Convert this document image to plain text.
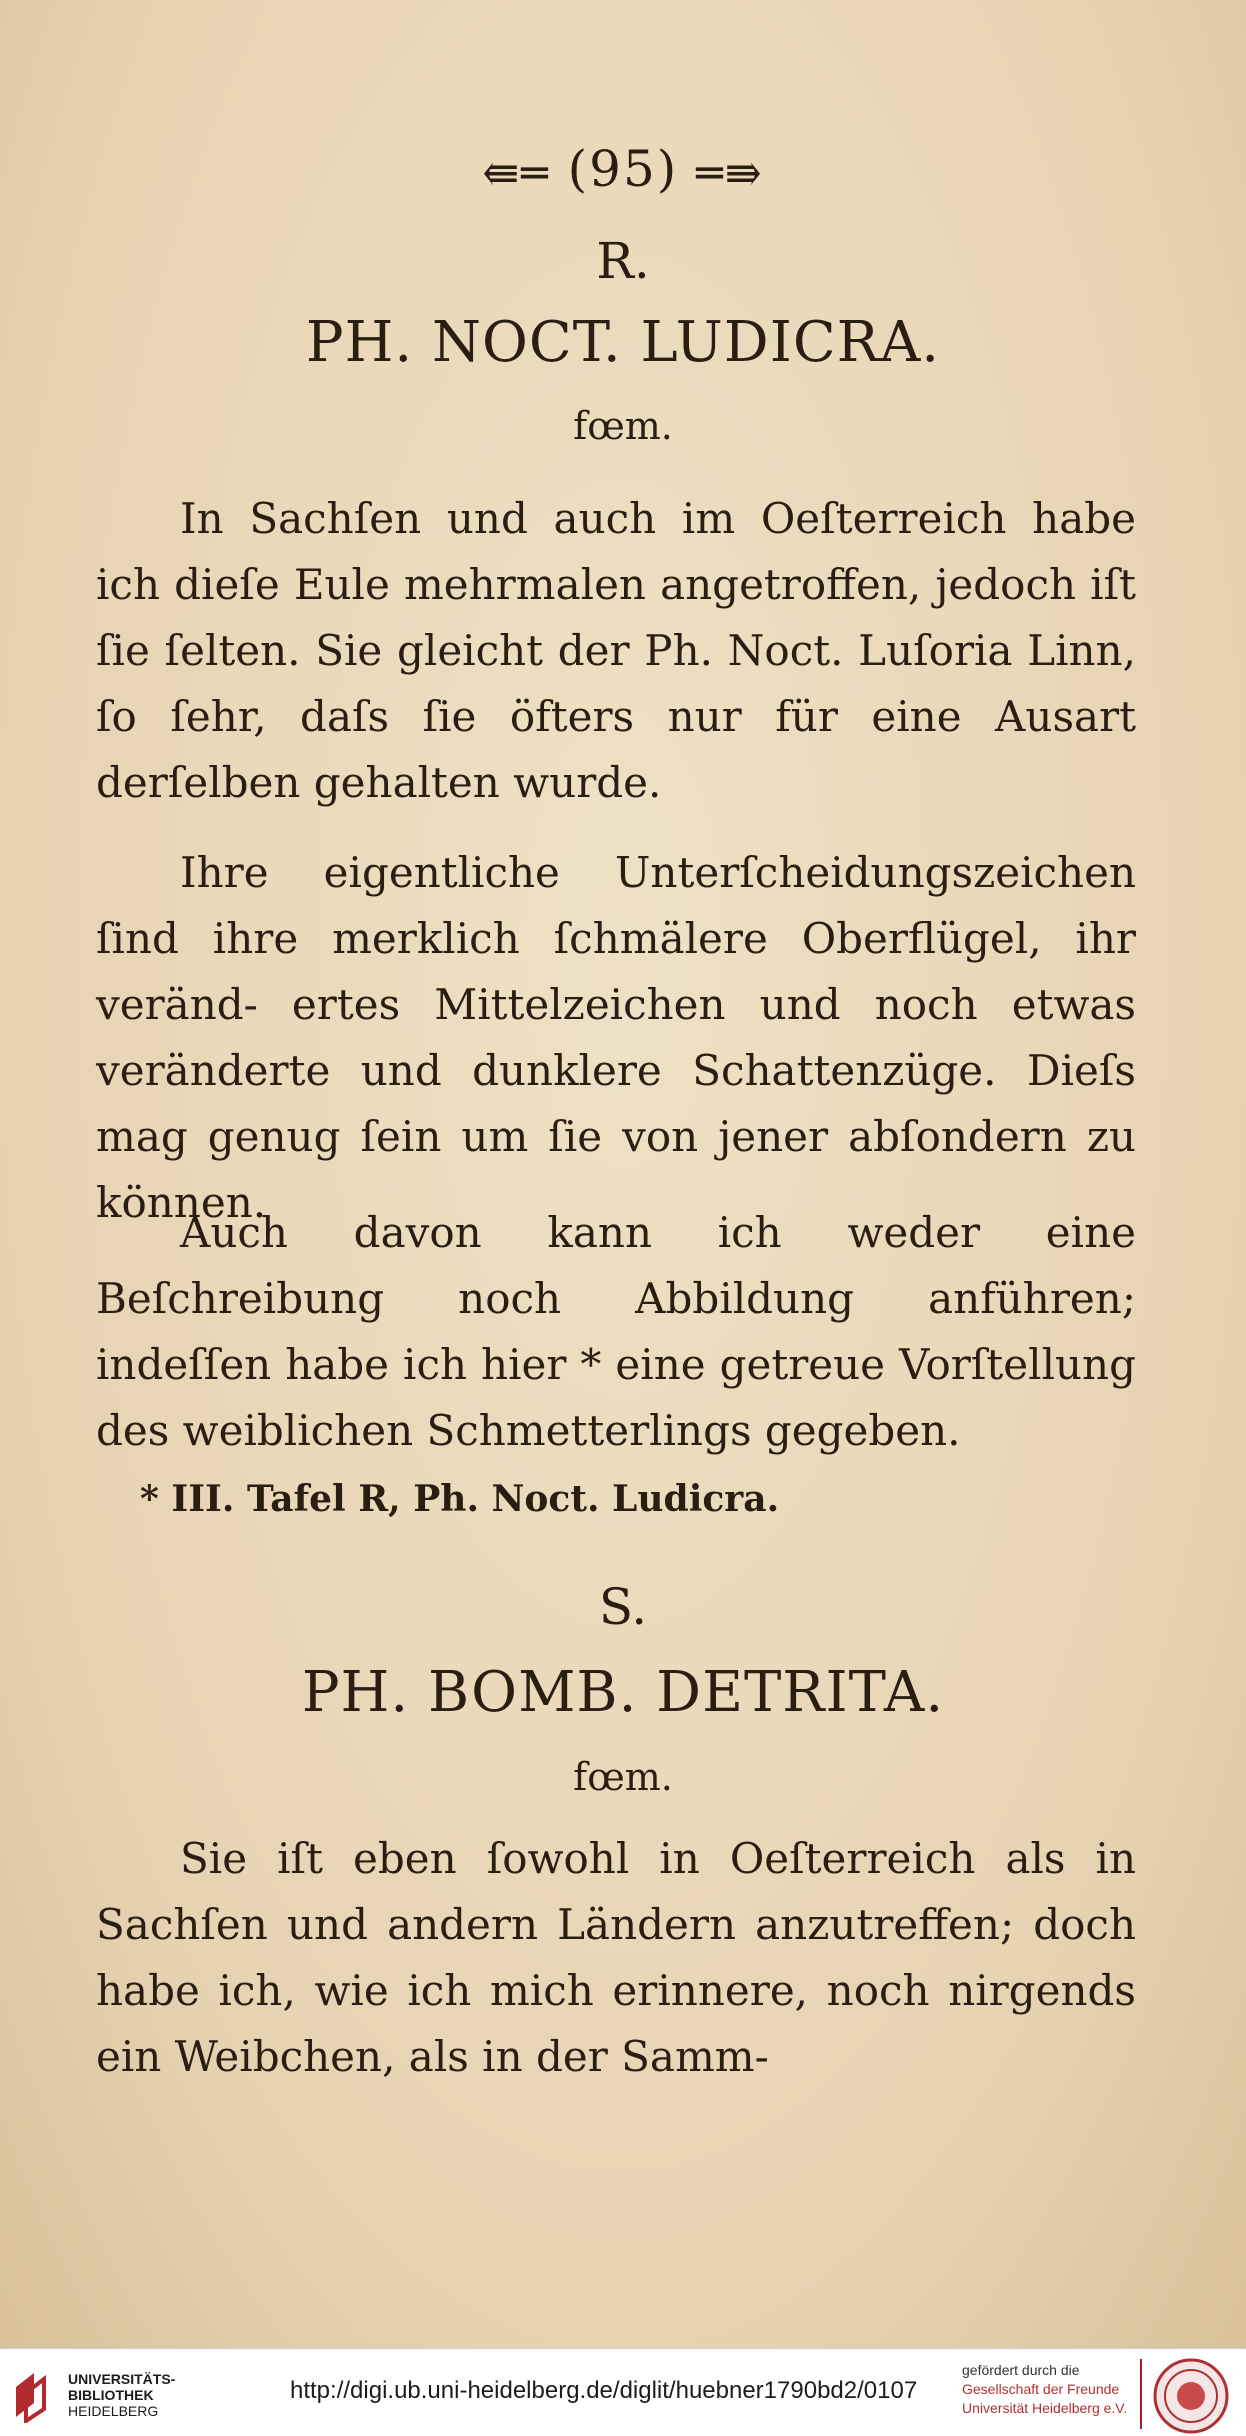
⇚═ (95) ═⇛
R.
PH. NOCT. LUDICRA.
fœm.

In Sachſen und auch im Oeſterreich habe ich dieſe Eule mehrmalen angetroffen, jedoch iſt ſie ſelten. Sie gleicht der Ph. Noct. Luſoria Linn, ſo ſehr, daſs ſie öfters nur für eine Ausart derſelben gehalten wurde.

Ihre eigentliche Unterſcheidungszeichen ſind ihre merklich ſchmälere Oberflügel, ihr veränd- ertes Mittelzeichen und noch etwas veränderte und dunklere Schattenzüge. Dieſs mag genug ſein um ſie von jener abſondern zu können.

Auch davon kann ich weder eine Beſchreibung noch Abbildung anführen; indeſſen habe ich hier * eine getreue Vorſtellung des weiblichen Schmetterlings gegeben.

* III. Tafel R, Ph. Noct. Ludicra.
S.
PH. BOMB. DETRITA.
fœm.

Sie iſt eben ſowohl in Oeſterreich als in Sachſen und andern Ländern anzutreffen; doch habe ich, wie ich mich erinnere, noch nirgends ein Weibchen, als in der Samm-

UNIVERSITÄTS-
BIBLIOTHEK
HEIDELBERG
http://digi.ub.uni-heidelberg.de/diglit/huebner1790bd2/0107
gefördert durch die
Gesellschaft der Freunde
Universität Heidelberg e.V.
